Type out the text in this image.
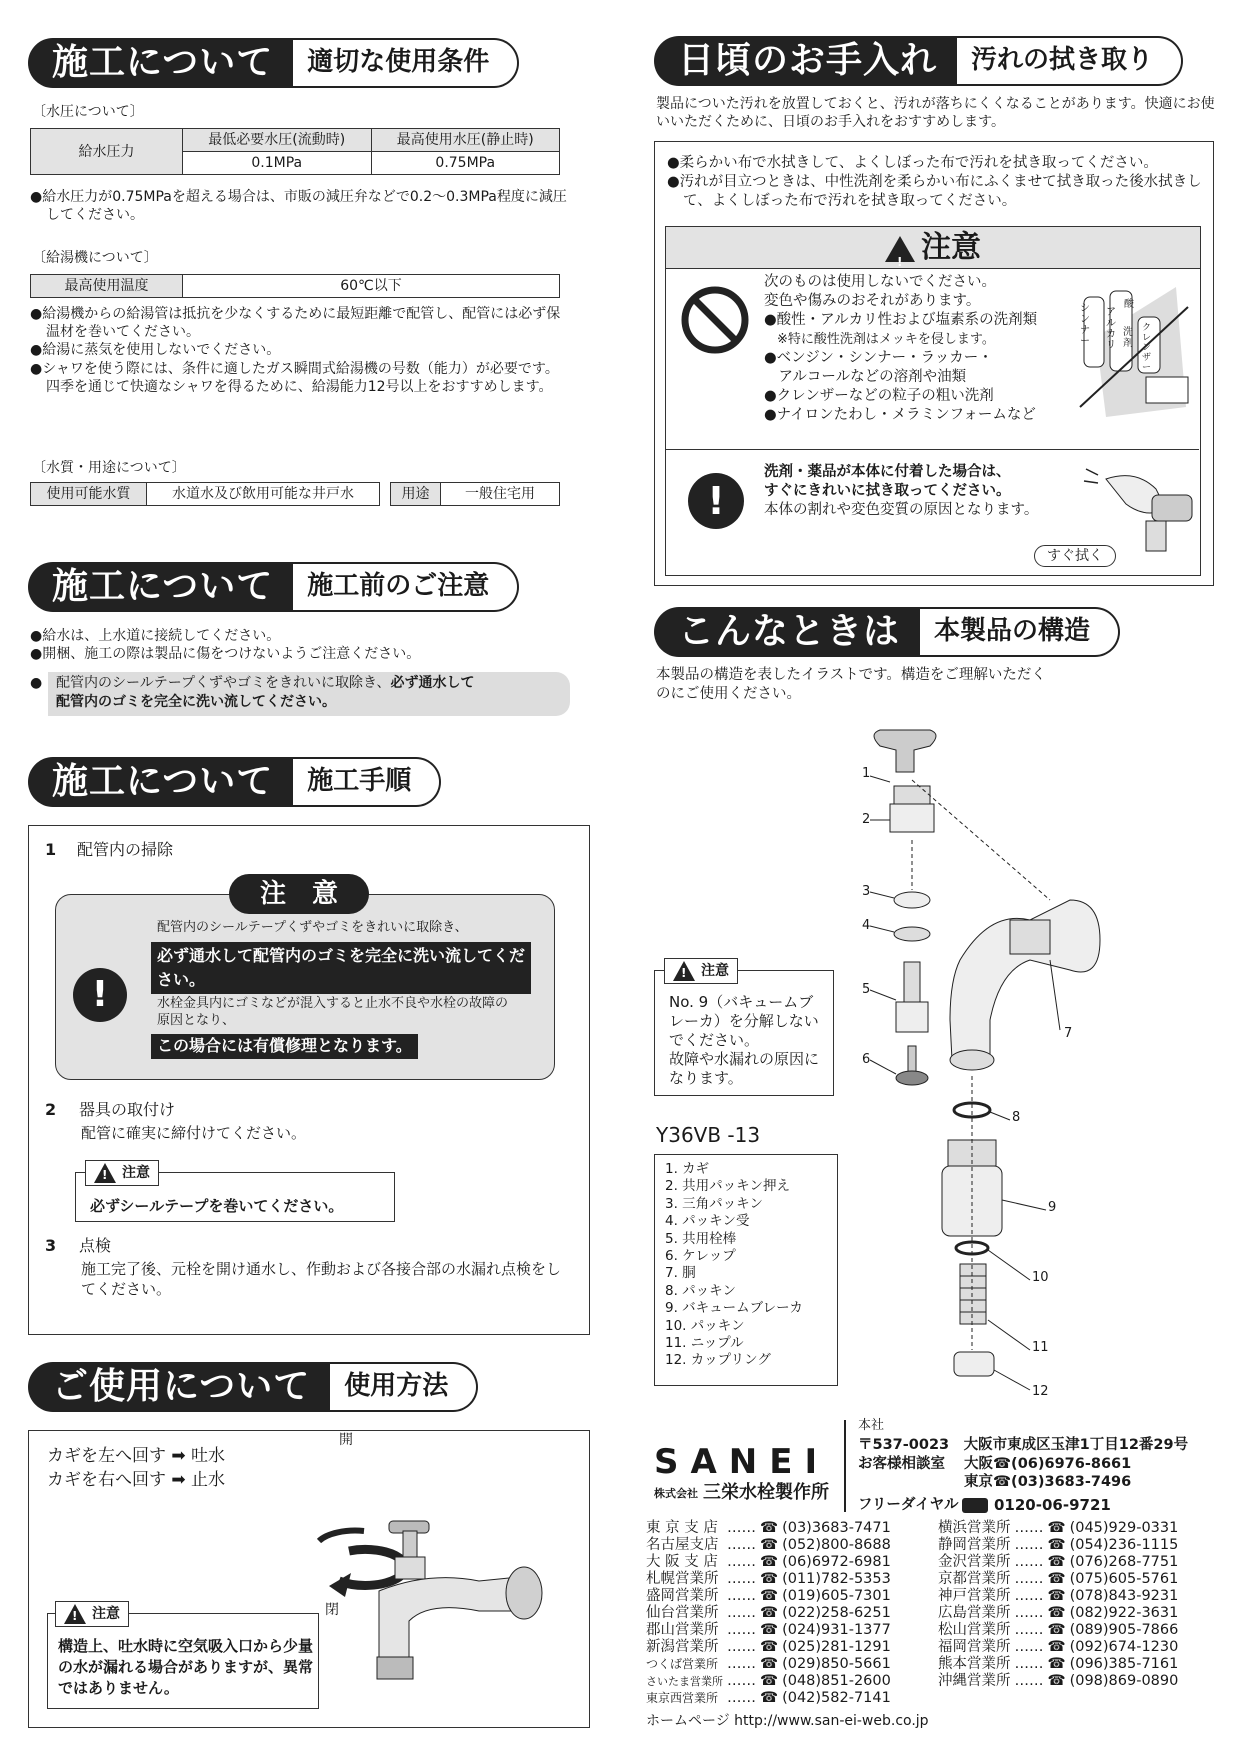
施工について	適切な使用条件
〔水圧について〕
給水圧力	最低必要水圧(流動時)	最高使用水圧(静止時)
	0.1MPa	0.75MPa

●給水圧力が0.75MPaを超える場合は、市販の減圧弁などで0.2～0.3MPa程度に減圧してください。

〔給湯機について〕
最高使用温度	60℃以下

●給湯機からの給湯管は抵抗を少なくするために最短距離で配管し、配管には必ず保温材を巻いてください。

●給湯に蒸気を使用しないでください。

●シャワを使う際には、条件に適したガス瞬間式給湯機の号数（能力）が必要です。四季を通じて快適なシャワを得るために、給湯能力12号以上をおすすめします。

〔水質・用途について〕
使用可能水質	水道水及び飲用可能な井戸水	用途	一般住宅用
施工について	施工前のご注意

●給水は、上水道に接続してください。

●開梱、施工の際は製品に傷をつけないようご注意ください。

● 配管内のシールテープくずやゴミをきれいに取除き、必ず通水して
配管内のゴミを完全に洗い流してください。
施工について	施工手順
1 配管内の掃除
注　意
!
配管内のシールテープくずやゴミをきれいに取除き、
必ず通水して配管内のゴミを完全に洗い流してください。
水栓金具内にゴミなどが混入すると止水不良や水栓の故障の原因となり、
この場合には有償修理となります。
2 器具の取付け
配管に確実に締付けてください。
必ずシールテープを巻いてください。
!
注意
3 点検
施工完了後、元栓を開け通水し、作動および各接合部の水漏れ点検をしてください。
ご使用について	使用方法
カギを左へ回す ➡ 吐水
カギを右へ回す ➡ 止水
開
閉
構造上、吐水時に空気吸入口から少量の水が漏れる場合がありますが、異常ではありません。
!
注意
日頃のお手入れ	汚れの拭き取り
製品についた汚れを放置しておくと、汚れが落ちにくくなることがあります。快適にお使いいただくために、日頃のお手入れをおすすめします。

●柔らかい布で水拭きして、よくしぼった布で汚れを拭き取ってください。

●汚れが目立つときは、中性洗剤を柔らかい布にふくませて拭き取った後水拭きして、よくしぼった布で汚れを拭き取ってください。

!注意
次のものは使用しないでください。
変色や傷みのおそれがあります。
●酸性・アルカリ性および塩素系の洗剤類
　※特に酸性洗剤はメッキを侵します。
●ベンジン・シンナー・ラッカー・
　アルコールなどの溶剤や油類
●クレンザーなどの粒子の粗い洗剤
●ナイロンたわし・メラミンフォームなど
シンナー
アルカリ
酸
洗剤
クレンザー
!
洗剤・薬品が本体に付着した場合は、
すぐにきれいに拭き取ってください。
本体の割れや変色変質の原因となります。
すぐ拭く
こんなときは	本製品の構造
本製品の構造を表したイラストです。構造をご理解いただくのにご使用ください。
1
2
3
4
5
6
7
8
9
10
11
12
No. 9（バキュームブレーカ）を分解しないでください。
故障や水漏れの原因になります。
!
注意
Y36VB -13
1. カギ
2. 共用パッキン押え
3. 三角パッキン
4. パッキン受
5. 共用栓棒
6. ケレップ
7. 胴
8. パッキン
9. バキュームブレーカ
10. パッキン
11. ニップル
12. カップリング
SANEI
株式会社 三栄水栓製作所
本社
〒537-0023　大阪市東成区玉津1丁目12番29号
お客様相談室 大阪☎(06)6976-8661
東京☎(03)3683-7496
フリーダイヤル 0120-06-9721
東 京 支 店	……	☎	(03)3683-7471
名古屋支店	……	☎	(052)800-8688
大 阪 支 店	……	☎	(06)6972-6981
札幌営業所	……	☎	(011)782-5353
盛岡営業所	……	☎	(019)605-7301
仙台営業所	……	☎	(022)258-6251
郡山営業所	……	☎	(024)931-1377
新潟営業所	……	☎	(025)281-1291
つくば営業所	……	☎	(029)850-5661
さいたま営業所	……	☎	(048)851-2600
東京西営業所	……	☎	(042)582-7141
横浜営業所	……	☎	(045)929-0331
静岡営業所	……	☎	(054)236-1115
金沢営業所	……	☎	(076)268-7751
京都営業所	……	☎	(075)605-5761
神戸営業所	……	☎	(078)843-9231
広島営業所	……	☎	(082)922-3631
松山営業所	……	☎	(089)905-7866
福岡営業所	……	☎	(092)674-1230
熊本営業所	……	☎	(096)385-7161
沖縄営業所	……	☎	(098)869-0890
ホームページ http://www.san-ei-web.co.jp
